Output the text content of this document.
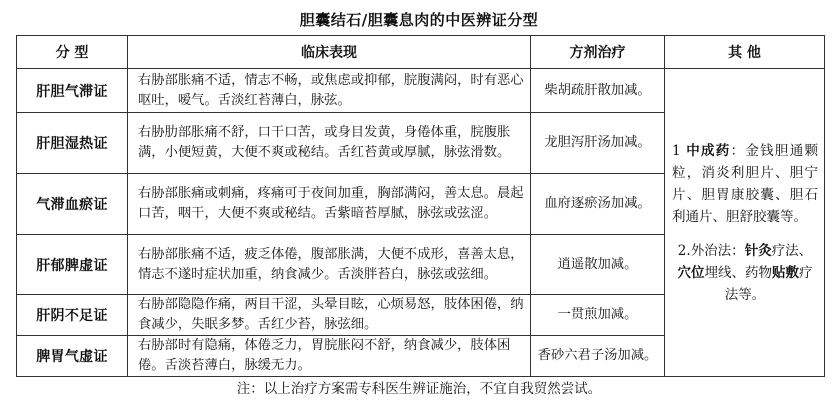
胆囊结石/胆囊息肉的中医辨证分型
分 型	临床表现	方剂治疗	其 他
肝胆气滞证	右胁部胀痛不适，情志不畅，或焦虑或抑郁，脘腹满闷，时有恶心呕吐，嗳气。舌淡红苔薄白，脉弦。	柴胡疏肝散加减。	1 中成药：金钱胆通颗粒，消炎利胆片、胆宁片、胆胃康胶囊、胆石利通片、胆舒胶囊等。

2.外治法：针灸疗法、穴位埋线、药物贴敷疗法等。

肝胆湿热证	右胁肋部胀痛不舒，口干口苦，或身目发黄，身倦体重，脘腹胀满，小便短黄，大便不爽或秘结。舌红苔黄或厚腻，脉弦滑数。	龙胆泻肝汤加减。	
气滞血瘀证	右胁部胀痛或刺痛，疼痛可于夜间加重，胸部满闷，善太息。晨起口苦，咽干，大便不爽或秘结。舌紫暗苔厚腻，脉弦或弦涩。	血府逐瘀汤加减。	
肝郁脾虚证	右胁部胀痛不适，疲乏体倦，腹部胀满，大便不成形，喜善太息，情志不遂时症状加重，纳食减少。舌淡胖苔白，脉弦或弦细。	逍遥散加减。	
肝阴不足证	右胁部隐隐作痛，两目干涩，头晕目眩，心烦易怒，肢体困倦，纳食减少，失眠多梦。舌红少苔，脉弦细。	一贯煎加减。	
脾胃气虚证	右胁部时有隐痛，体倦乏力，胃脘胀闷不舒，纳食减少，肢体困倦。舌淡苔薄白，脉缓无力。	香砂六君子汤加减。	
注：以上治疗方案需专科医生辨证施治，不宜自我贸然尝试。
